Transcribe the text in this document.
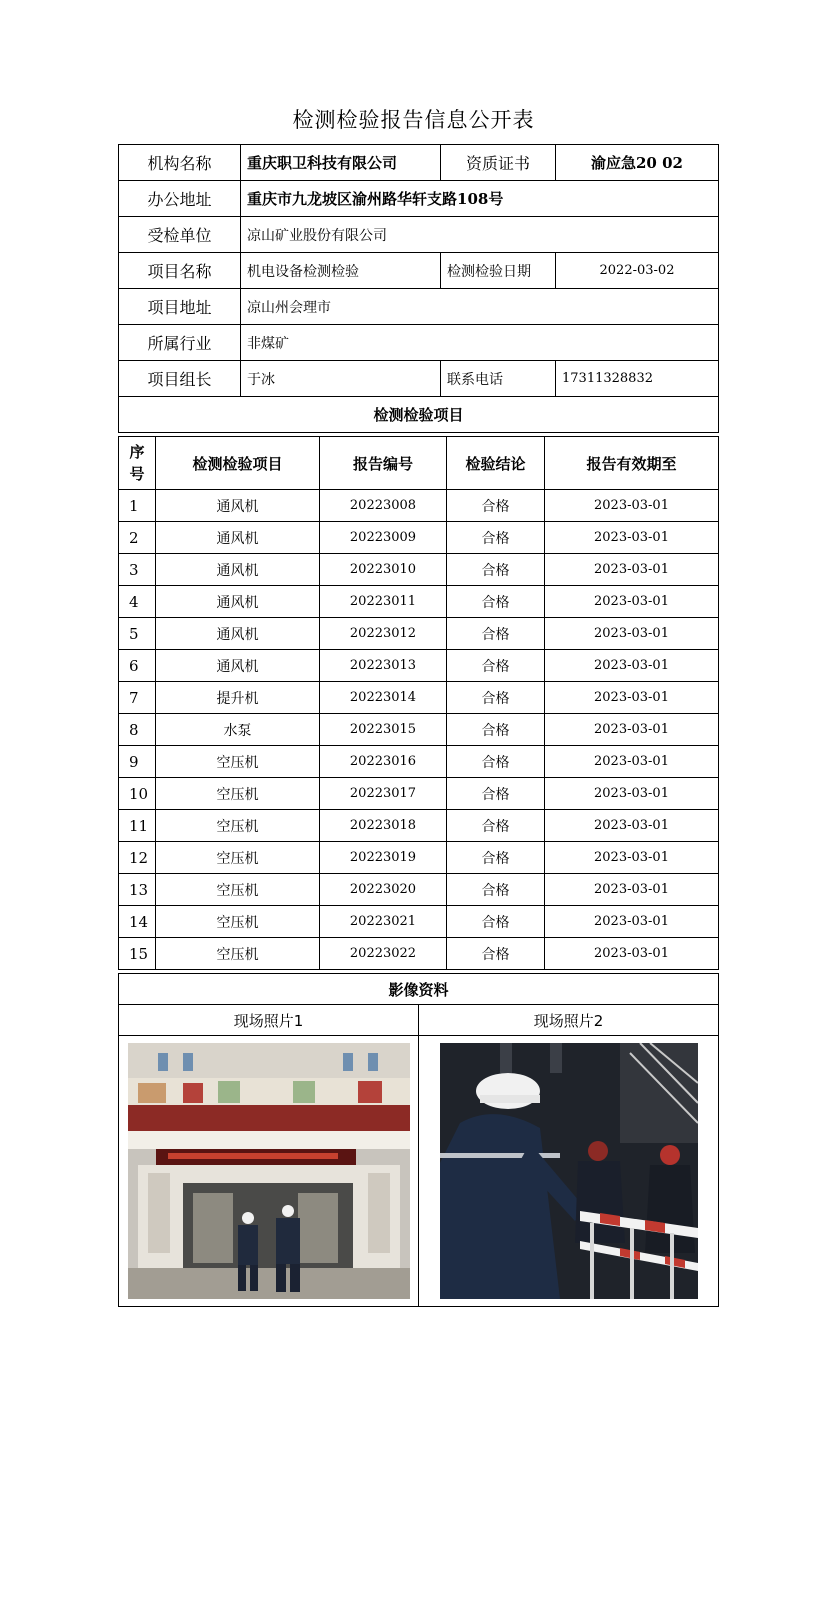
检测检验报告信息公开表
机构名称	重庆职卫科技有限公司	资质证书	渝应急20 02
办公地址	重庆市九龙坡区渝州路华轩支路108号		
受检单位	凉山矿业股份有限公司		
项目名称	机电设备检测检验	检测检验日期	2022-03-02
项目地址	凉山州会理市		
所属行业	非煤矿		
项目组长	于冰	联系电话	17311328832
检测检验项目			
序号	检测检验项目	报告编号	检验结论	报告有效期至
1	通风机	20223008	合格	2023-03-01
2	通风机	20223009	合格	2023-03-01
3	通风机	20223010	合格	2023-03-01
4	通风机	20223011	合格	2023-03-01
5	通风机	20223012	合格	2023-03-01
6	通风机	20223013	合格	2023-03-01
7	提升机	20223014	合格	2023-03-01
8	水泵	20223015	合格	2023-03-01
9	空压机	20223016	合格	2023-03-01
10	空压机	20223017	合格	2023-03-01
11	空压机	20223018	合格	2023-03-01
12	空压机	20223019	合格	2023-03-01
13	空压机	20223020	合格	2023-03-01
14	空压机	20223021	合格	2023-03-01
15	空压机	20223022	合格	2023-03-01
影像资料	
现场照片1	现场照片2
